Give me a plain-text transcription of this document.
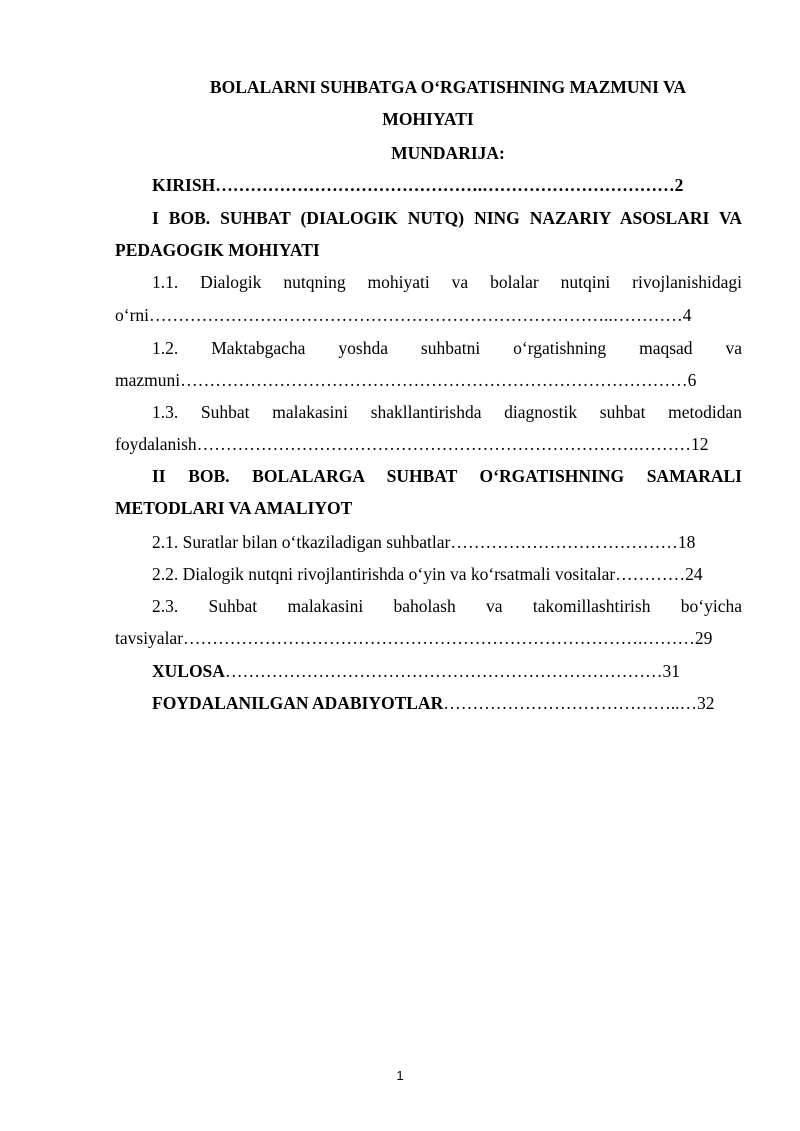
BOLALARNI SUHBATGA O‘RGATISHNING MAZMUNI VA
MOHIYATI
MUNDARIJA:
KIRISH……………………………………….……………………………2
I BOB. SUHBAT (DIALOGIK NUTQ) NING NAZARIY ASOSLARI VA
PEDAGOGIK MOHIYATI
1.1. Dialogik nutqning mohiyati va bolalar nutqini rivojlanishidagi
o‘rni……………………………………………………………………..…………4
1.2. Maktabgacha yoshda suhbatni o‘rgatishning maqsad va
mazmuni……………………………………………………………………………6
1.3. Suhbat malakasini shakllantirishda diagnostik suhbat metodidan
foydalanish………………………………………………………………….………12
II BOB. BOLALARGA SUHBAT O‘RGATISHNING SAMARALI
METODLARI VA AMALIYOT
2.1. Suratlar bilan o‘tkaziladigan suhbatlar…………………………………18
2.2. Dialogik nutqni rivojlantirishda o‘yin va ko‘rsatmali vositalar…………24
2.3. Suhbat malakasini baholash va takomillashtirish bo‘yicha
tavsiyalar…………………………………………………………………….………29
XULOSA…………………………………………………………………31
FOYDALANILGAN ADABIYOTLAR…………………………………..…32
1
